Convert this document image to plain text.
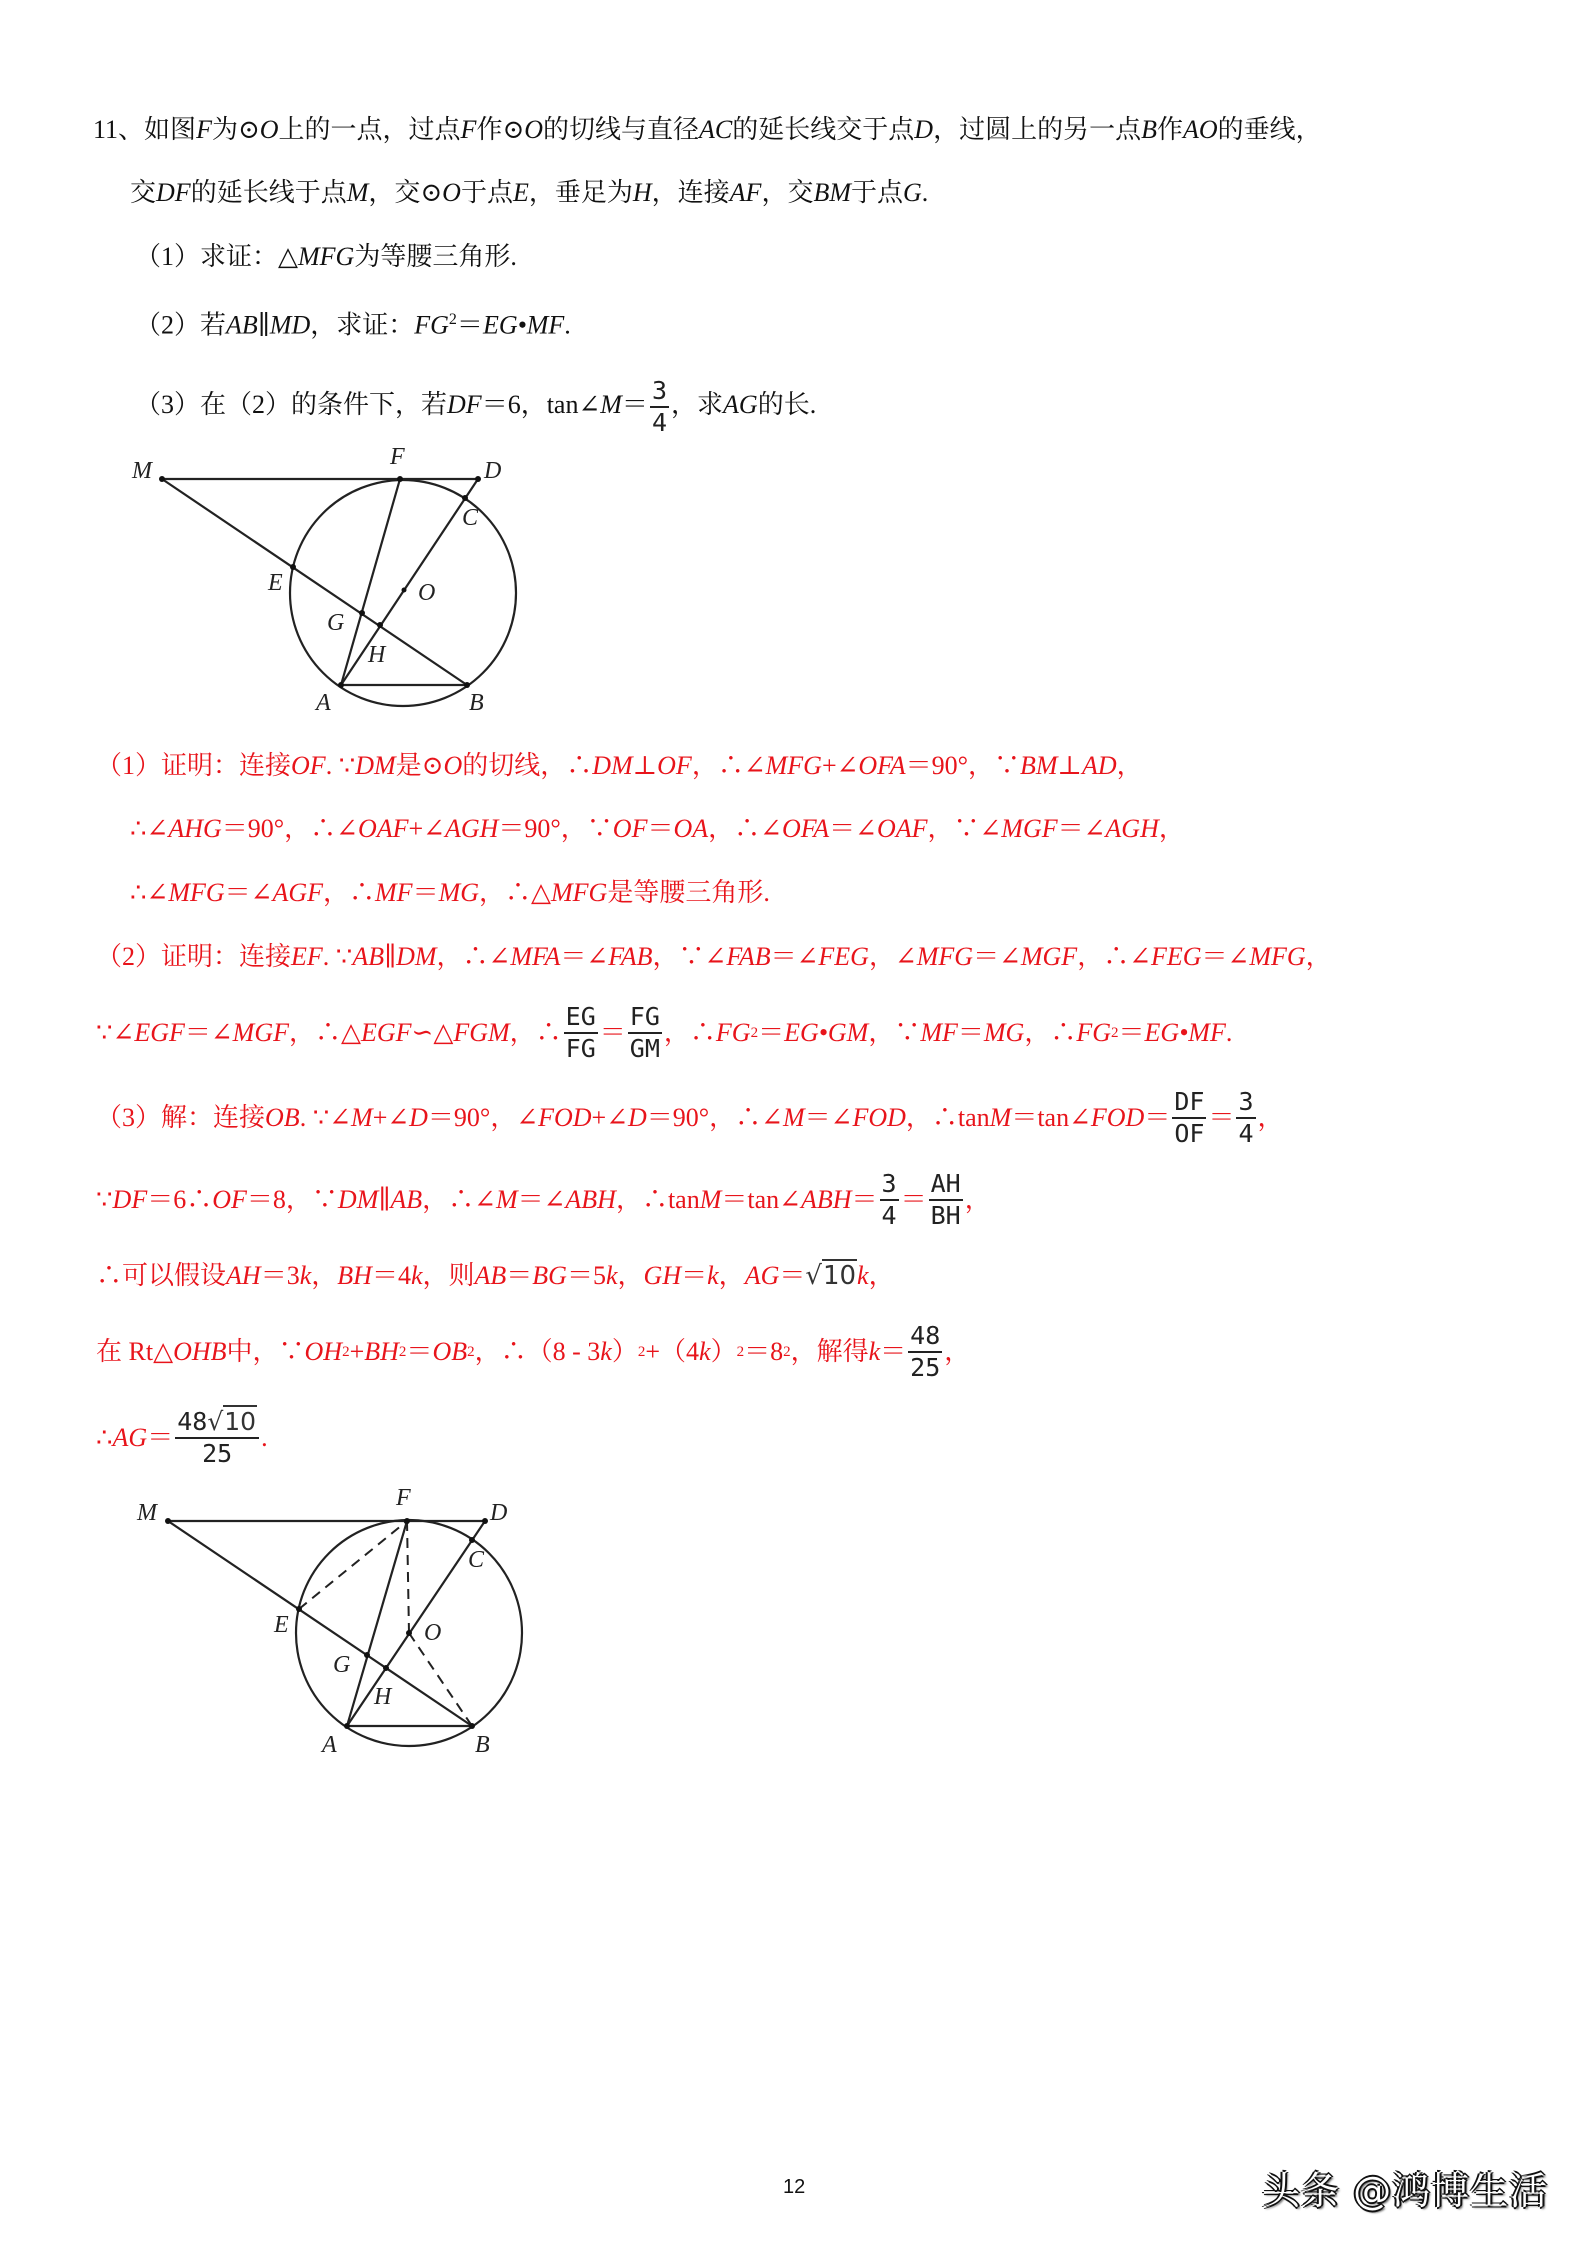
11、如图F为⊙O上的一点，过点F作⊙O的切线与直径AC的延长线交于点D，过圆上的另一点B作AO的垂线，
交DF的延长线于点M，交⊙O于点E，垂足为H，连接AF，交BM于点G.
（1）求证：△MFG为等腰三角形.
（2）若AB∥MD，求证：$FG^2=EG•MF$.
（3）在（2）的条件下，若DF＝6，tan∠M＝ $\frac{3}{4}$ ，求AG的长.
M
F
D
C
O
E
G
H
A	B
（1）证明：连接OF. ∵DM是⊙O的切线，∴DM⊥OF，∴∠MFG+∠OFA＝90°，∵BM⊥AD，
∴∠AHG＝90°，∴∠OAF+∠AGH＝90°，∵OF＝OA，∴∠OFA＝∠OAF，∵∠MGF＝∠AGH，
∴∠MFG＝∠AGF，∴MF＝MG，∴△MFG是等腰三角形.
（2）证明：连接EF. ∵AB∥DM，∴∠MFA＝∠FAB，∵∠FAB＝∠FEG，∠MFG＝∠MGF，∴∠FEG＝∠MFG，
∵∠ EGF ＝∠ MGF ，∴△ EGF ∽△ FGM ，∴ $\frac{EG}{FG} = \frac{FG}{GM}$ ，∴ FG 2 ＝ EG•GM ，∵ MF ＝ MG ，∴ FG 2 ＝ EG•MF .
（3）解：连接 OB . ∵∠ M +∠ D ＝90°，∠ FOD +∠ D ＝90°，∴∠ M ＝∠ FOD ，∴tan M ＝tan∠ FOD ＝ $\frac{DF}{OF} = \frac{3}{4}$ ，
∵ DF ＝6∴ OF ＝8，∵ DM∥AB ，∴∠ M ＝∠ ABH ，∴tan M ＝tan∠ ABH ＝ $\frac{3}{4} = \frac{AH}{BH}$ ，
∴可以假设AH＝3k，BH＝4k，则AB＝BG＝5k，GH＝k，AG＝√10k，
在 Rt△ OHB 中，∵ OH 2 + BH 2 ＝ OB 2 ，∴（8 - 3 k ） 2 +（4 k ） 2 ＝8 2 ，解得 $k = \frac{48}{25}$ ，
∴ AG ＝ $\frac{48√10}{25}$ .
M
F
D
C
O
E
G
H
A	B
12	头条 @鸿博生活
